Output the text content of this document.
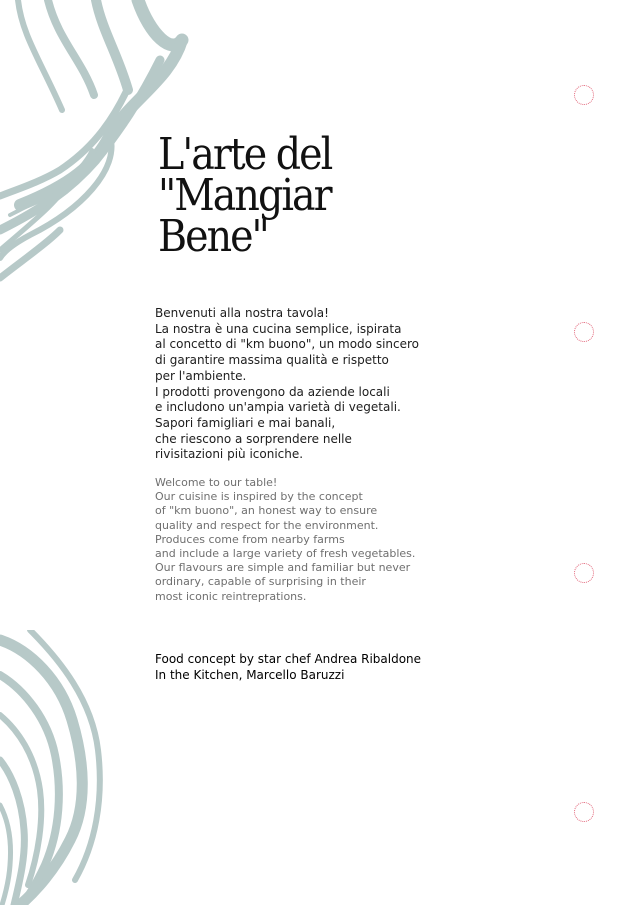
L'arte del
"Mangiar
Bene"

Benvenuti alla nostra tavola!
La nostra è una cucina semplice, ispirata
al concetto di "km buono", un modo sincero
di garantire massima qualità e rispetto
per l'ambiente.
I prodotti provengono da aziende locali
e includono un'ampia varietà di vegetali.
Sapori famigliari e mai banali,
che riescono a sorprendere nelle
rivisitazioni più iconiche.

Welcome to our table!
Our cuisine is inspired by the concept
of "km buono", an honest way to ensure
quality and respect for the environment.
Produces come from nearby farms
and include a large variety of fresh vegetables.
Our flavours are simple and familiar but never
ordinary, capable of surprising in their
most iconic reintreprations.

Food concept by star chef Andrea Ribaldone
In the Kitchen, Marcello Baruzzi
